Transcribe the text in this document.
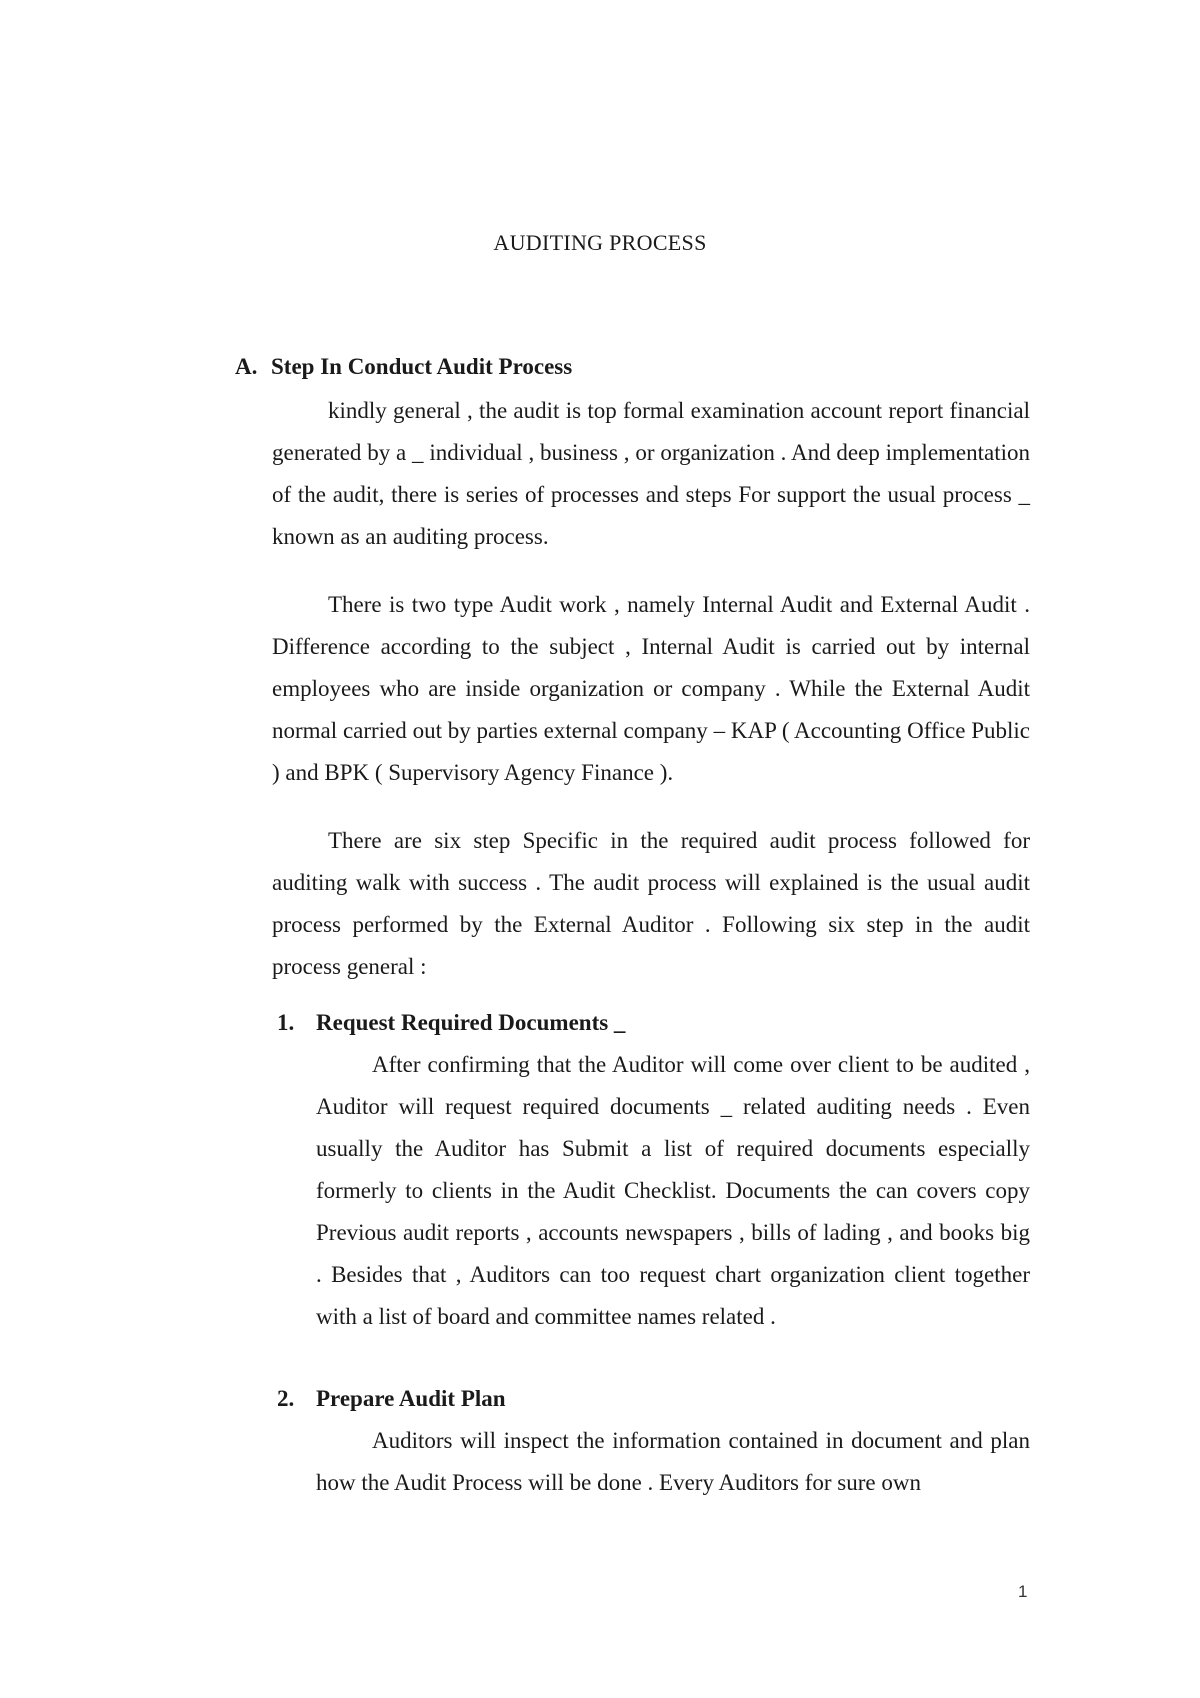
AUDITING PROCESS
A. Step In Conduct Audit Process

kindly general , the audit is top formal examination account report financial generated by a _ individual , business , or organization . And deep implementation of the audit, there is series of processes and steps For support the usual process _ known as an auditing process.

There is two type Audit work , namely Internal Audit and External Audit . Difference according to the subject , Internal Audit is carried out by internal employees who are inside organization or company . While the External Audit normal carried out by parties external company – KAP ( Accounting Office Public ) and BPK ( Supervisory Agency Finance ).

There are six step Specific in the required audit process followed for auditing walk with success . The audit process will explained is the usual audit process performed by the External Auditor . Following six step in the audit process general :

1. Request Required Documents _

After confirming that the Auditor will come over client to be audited , Auditor will request required documents _ related auditing needs . Even usually the Auditor has Submit a list of required documents especially formerly to clients in the Audit Checklist. Documents the can covers copy Previous audit reports , accounts newspapers , bills of lading , and books big . Besides that , Auditors can too request chart organization client together with a list of board and committee names related .

2. Prepare Audit Plan

Auditors will inspect the information contained in document and plan how the Audit Process will be done . Every Auditors for sure own

1
